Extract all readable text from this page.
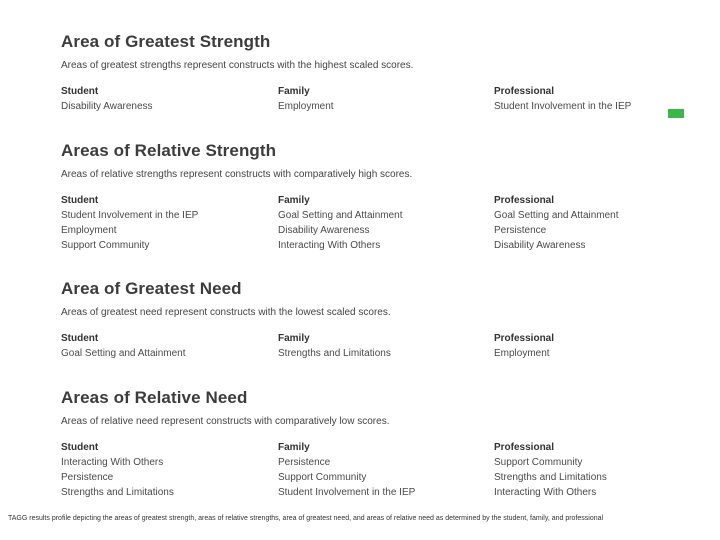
Area of Greatest Strength

Areas of greatest strengths represent constructs with the highest scaled scores.

Student
Disability Awareness
Family
Employment
Professional
Student Involvement in the IEP
Areas of Relative Strength

Areas of relative strengths represent constructs with comparatively high scores.

Student
Student Involvement in the IEP
Employment
Support Community
Family
Goal Setting and Attainment
Disability Awareness
Interacting With Others
Professional
Goal Setting and Attainment
Persistence
Disability Awareness
Area of Greatest Need

Areas of greatest need represent constructs with the lowest scaled scores.

Student
Goal Setting and Attainment
Family
Strengths and Limitations
Professional
Employment
Areas of Relative Need

Areas of relative need represent constructs with comparatively low scores.

Student
Interacting With Others
Persistence
Strengths and Limitations
Family
Persistence
Support Community
Student Involvement in the IEP
Professional
Support Community
Strengths and Limitations
Interacting With Others
TAGG results profile depicting the areas of greatest strength, areas of relative strengths, area of greatest need, and areas of relative need as determined by the student, family, and professional
